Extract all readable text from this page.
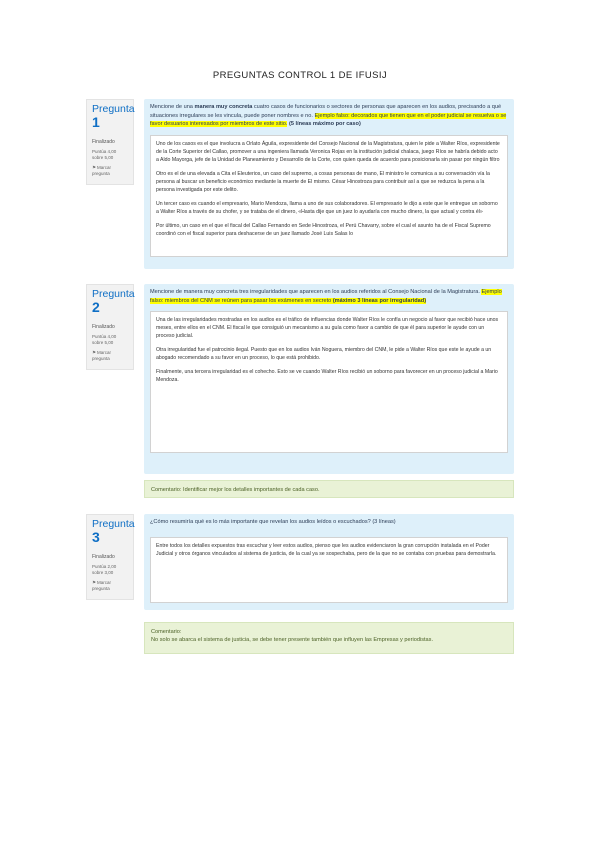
PREGUNTAS CONTROL 1 DE IFUSIJ
Pregunta
1
Finalizado
Puntúa 4,00 sobre 5,00
⚑Marcar pregunta
Mencione de una manera muy concreta cuatro casos de funcionarios o sectores de personas que aparecen en los audios, precisando a qué situaciones irregulares se les vincula, puede poner nombres e no. Ejemplo falso: decorados que tienen que en el poder judicial se resuelva o se favor desuarios interesados por miembros de este sitio. (5 líneas máximo por caso)

Uno de los casos es el que involucra a Orlato Águila, expresidente del Consejo Nacional de la Magistratura, quien le pide a Walter Ríos, expresidente de la Corte Superior del Callao, promover a una ingeniera llamada Veronica Rojas en la institución judicial chalaca, juego Ríos se habría debido acto a Aldo Mayorga, jefe de la Unidad de Planeamiento y Desarrollo de la Corte, con quien queda de acuerdo para posicionarla sin pasar por ningún filtro

Otro es el de una elevada a Cita el Eleuterios, un caso del supremo, a cosas personas de mano, El ministro le comunica a su conversación vía la persona al buscar un beneficio económico mediante la muerte de El mismo. César Hinostroza para contribuir así a que se reduzca la pena a la persona investigada por este delito.

Un tercer caso es cuando el empresario, Mario Mendoza, llama a uno de sus colaboradores. El empresario le dijo a este que le entregue un soborno a Walter Ríos a través de su chofer, y se trataba de el dinero, «Hasta dije que un juez lo ayudaría con mucho dinero, la que actual y contra él»

Por último, un caso en el que el fiscal del Callao Fernando en Sede Hinostroza, el Perú Chavarry, sobre el cual el asunto ha de el Fiscal Supremo coordinó con el fiscal superior para deshacerse de un juez llamado José Luis Salas lo

Pregunta
2
Finalizado
Puntúa 4,00 sobre 5,00
⚑Marcar pregunta
Mencione de manera muy concreta tres irregularidades que aparecen en los audios referidos al Consejo Nacional de la Magistratura. Ejemplo falso: miembros del CNM se reúnen para pasar los exámenes en secreto (máximo 3 líneas por irregularidad)

Una de las irregularidades mostradas en los audios es el tráfico de influencias donde Walter Ríos le confía un negocio al favor que recibió hace unos meses, entre ellos en el CNM. El fiscal le que consiguió un mecanismo a su guía como favor a cambio de que él para superior le ayude con un proceso judicial.

Otra irregularidad fue el patrocinio ilegal. Puesto que en los audios Iván Noguera, miembro del CNM, le pide a Walter Ríos que este le ayude a un abogado recomendado a su favor en un proceso, lo que está prohibido.

Finalmente, una tercera irregularidad es el cohecho. Esto se ve cuando Walter Ríos recibió un soborno para favorecer en un proceso judicial a Mario Mendoza.

Comentario: Identificar mejor los detalles importantes de cada caso.
Pregunta
3
Finalizado
Puntúa 2,00 sobre 3,00
⚑Marcar pregunta
¿Cómo resumiría qué es lo más importante que revelan los audios leídos o escuchados? (3 líneas)

Entre todos los detalles expuestos tras escuchar y leer estos audios, pienso que les audios evidenciaron la gran corrupción instalada en el Poder Judicial y otros órganos vinculados al sistema de justicia, de la cual ya se sospechaba, pero de la que no se contaba con pruebas para demostrarla.

Comentario:
No solo se abarca el sistema de justicia, se debe tener presente también que influyen las Empresas y periodistas.
